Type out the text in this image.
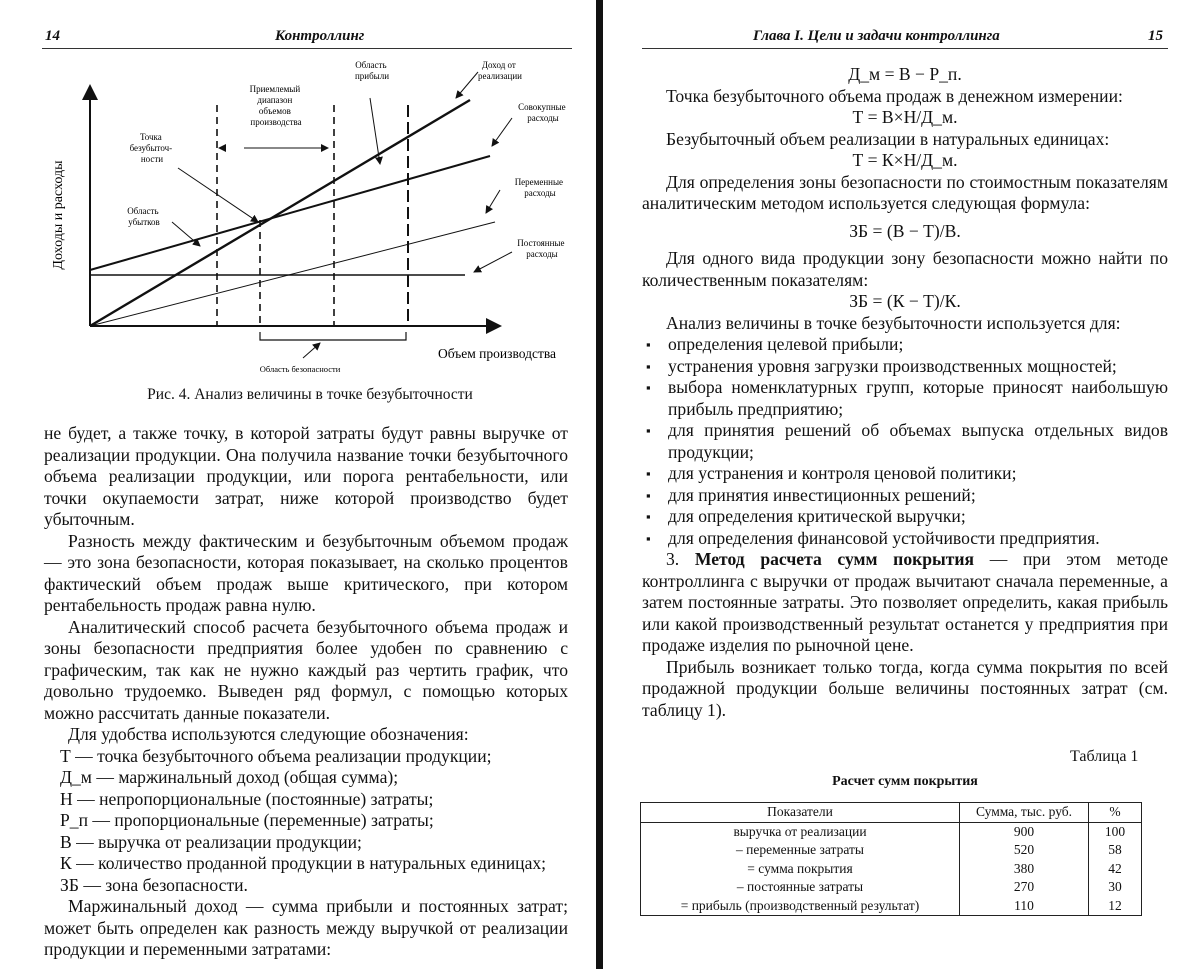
14	Контроллинг
Доходы и расходы
Объем производства
Область прибыли
Доход от реализации
Приемлемый диапазон объемов производства
Совокупные расходы
Точка безубыточ- ности
Переменные расходы
Область убытков
Постоянные расходы
Область безопасности
Рис. 4. Анализ величины в точке безубыточности

не будет, а также точку, в которой затраты будут равны выручке от реализации продукции. Она получила название точки безубыточного объема реализации продукции, или порога рентабельности, или точки окупаемости затрат, ниже которой производство будет убыточным.

Разность между фактическим и безубыточным объемом продаж — это зона безопасности, которая показывает, на сколько процентов фактический объем продаж выше критического, при котором рентабельность продаж равна нулю.

Аналитический способ расчета безубыточного объема продаж и зоны безопасности предприятия более удобен по сравнению с графическим, так как не нужно каждый раз чертить график, что довольно трудоемко. Выведен ряд формул, с помощью которых можно рассчитать данные показатели.

Для удобства используются следующие обозначения:

Т — точка безубыточного объема реализации продукции;
Д_м — маржинальный доход (общая сумма);
Н — непропорциональные (постоянные) затраты;
Р_п — пропорциональные (переменные) затраты;
В — выручка от реализации продукции;
К — количество проданной продукции в натуральных единицах;
ЗБ — зона безопасности.

Маржинальный доход — сумма прибыли и постоянных затрат; может быть определен как разность между выручкой от реализации продукции и переменными затратами:

Глава I. Цели и задачи контроллинга	15
Д_м = В − Р_п.

Точка безубыточного объема продаж в денежном измерении:

Т = В×Н/Д_м.

Безубыточный объем реализации в натуральных единицах:

Т = К×Н/Д_м.

Для определения зоны безопасности по стоимостным показателям аналитическим методом используется следующая формула:

ЗБ = (В − Т)/В.

Для одного вида продукции зону безопасности можно найти по количественным показателям:

ЗБ = (К − Т)/К.

Анализ величины в точке безубыточности используется для:

▪ определения целевой прибыли;
▪ устранения уровня загрузки производственных мощностей;
▪ выбора номенклатурных групп, которые приносят наибольшую прибыль предприятию;
▪ для принятия решений об объемах выпуска отдельных видов продукции;
▪ для устранения и контроля ценовой политики;
▪ для принятия инвестиционных решений;
▪ для определения критической выручки;
▪ для определения финансовой устойчивости предприятия.

3. Метод расчета сумм покрытия — при этом методе контроллинга с выручки от продаж вычитают сначала переменные, а затем постоянные затраты. Это позволяет определить, какая прибыль или какой производственный результат останется у предприятия при продаже изделия по рыночной цене.

Прибыль возникает только тогда, когда сумма покрытия по всей продажной продукции больше величины постоянных затрат (см. таблицу 1).

Таблица 1
Расчет сумм покрытия
Показатели	Сумма, тыс. руб.	%
выручка от реализации	900	100
– переменные затраты	520	58
= сумма покрытия	380	42
– постоянные затраты	270	30
= прибыль (производственный результат)	110	12
